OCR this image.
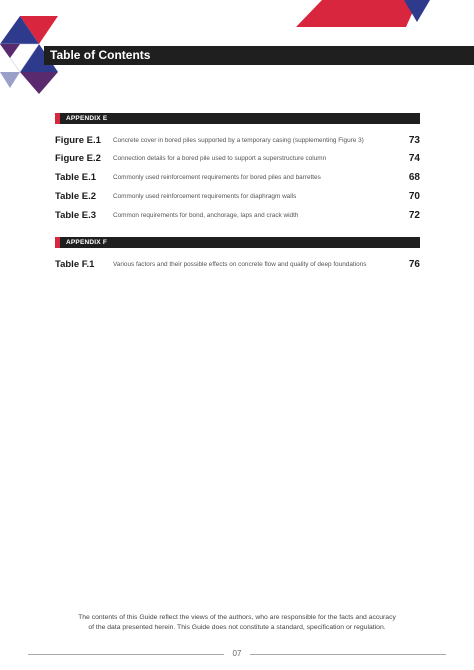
Table of Contents
APPENDIX E
Figure E.1 Concrete cover in bored piles supported by a temporary casing (supplementing Figure 3)	73
Figure E.2 Connection details for a bored pile used to support a superstructure column	74
Table E.1	Commonly used reinforcement requirements for bored piles and barrettes	68
Table E.2	Commonly used reinforcement requirements for diaphragm walls	70
Table E.3	Common requirements for bond, anchorage, laps and crack width	72
APPENDIX F
Table F.1	Various factors and their possible effects on concrete flow and quality of deep foundations	76
The contents of this Guide reflect the views of the authors, who are responsible for the facts and accuracy
of the data presented herein. This Guide does not constitute a standard, specification or regulation.
07
